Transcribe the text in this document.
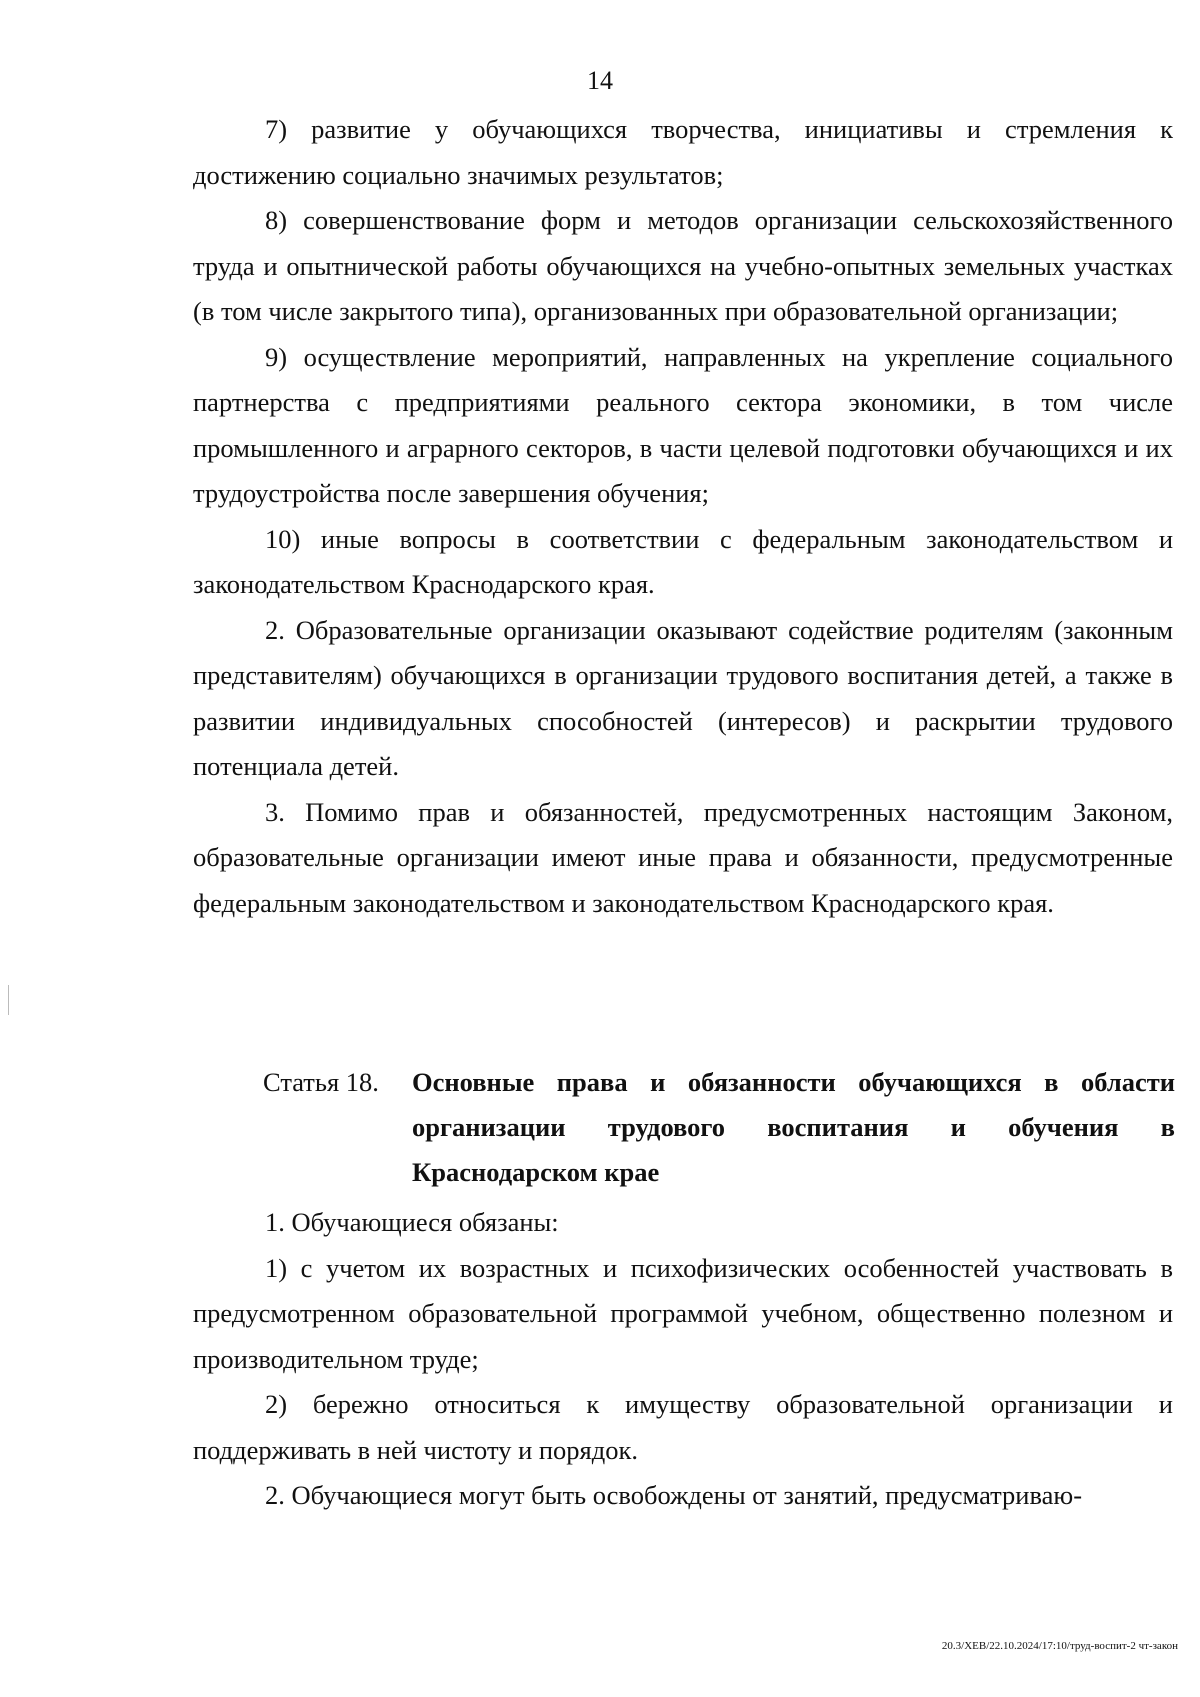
14

7) развитие у обучающихся творчества, инициативы и стремления к достижению социально значимых результатов;

8) совершенствование форм и методов организации сельскохозяйственного труда и опытнической работы обучающихся на учебно-опытных земельных участках (в том числе закрытого типа), организованных при образовательной организации;

9) осуществление мероприятий, направленных на укрепление социального партнерства с предприятиями реального сектора экономики, в том числе промышленного и аграрного секторов, в части целевой подготовки обучающихся и их трудоустройства после завершения обучения;

10) иные вопросы в соответствии с федеральным законодательством и законодательством Краснодарского края.

2. Образовательные организации оказывают содействие родителям (законным представителям) обучающихся в организации трудового воспитания детей, а также в развитии индивидуальных способностей (интересов) и раскрытии трудового потенциала детей.

3. Помимо прав и обязанностей, предусмотренных настоящим Законом, образовательные организации имеют иные права и обязанности, предусмотренные федеральным законодательством и законодательством Краснодарского края.

Статья 18.	Основные права и обязанности обучающихся в области организации трудового воспитания и обучения в Краснодарском крае

1. Обучающиеся обязаны:

1) с учетом их возрастных и психофизических особенностей участвовать в предусмотренном образовательной программой учебном, общественно полезном и производительном труде;

2) бережно относиться к имуществу образовательной организации и поддерживать в ней чистоту и порядок.

2. Обучающиеся могут быть освобождены от занятий, предусматриваю-

20.3/ХЕВ/22.10.2024/17:10/труд-воспит-2 чт-закон
